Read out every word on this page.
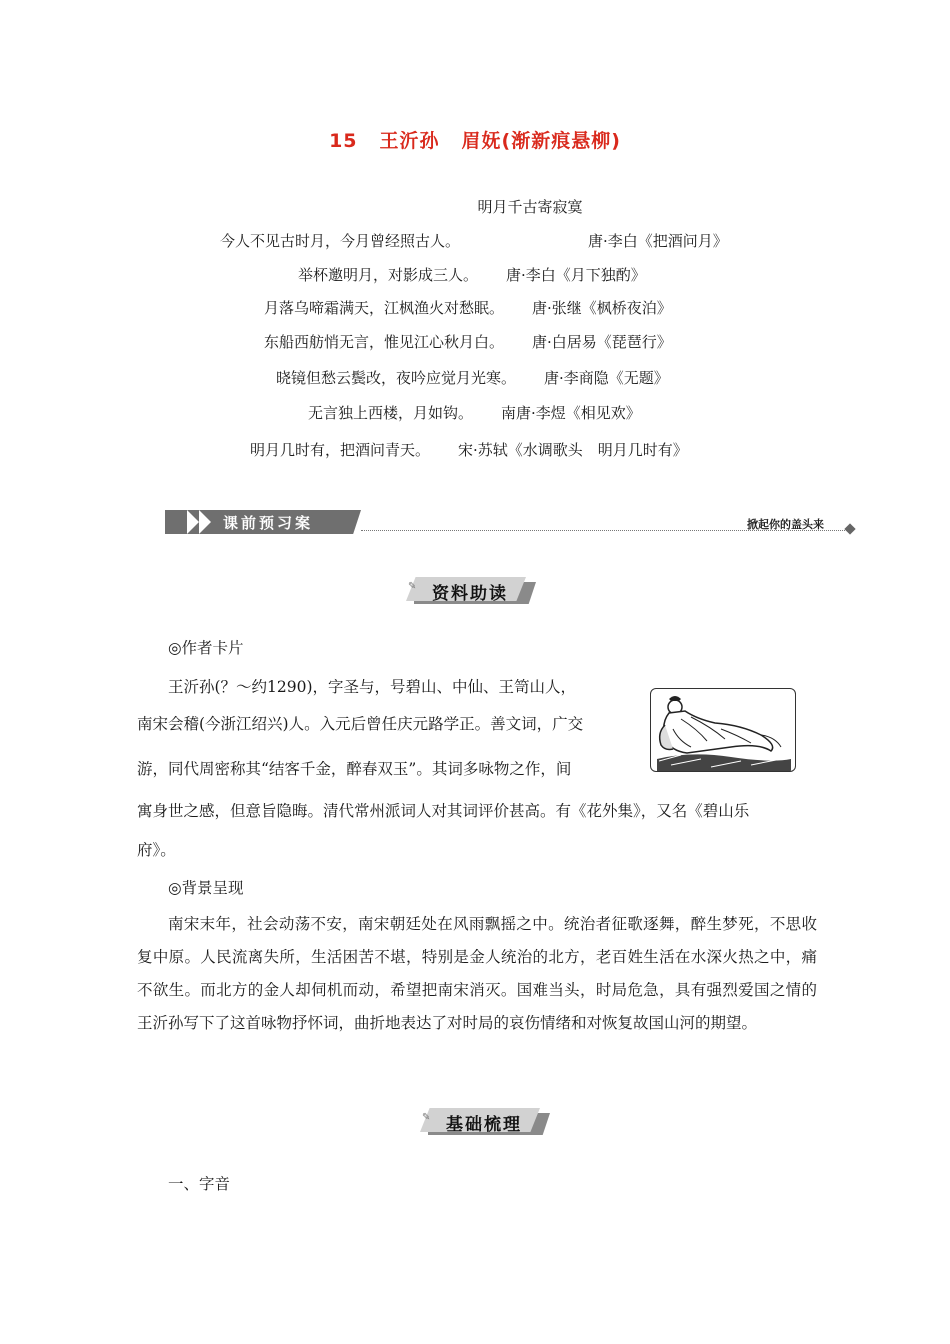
15 王沂孙 眉妩(渐新痕悬柳)
明月千古寄寂寞
今人不见古时月，今月曾经照古人。	唐·李白《把酒问月》
举杯邀明月，对影成三人。 唐·李白《月下独酌》
月落乌啼霜满天，江枫渔火对愁眠。 唐·张继《枫桥夜泊》
东船西舫悄无言，惟见江心秋月白。 唐·白居易《琵琶行》
晓镜但愁云鬓改，夜吟应觉月光寒。 唐·李商隐《无题》
无言独上西楼，月如钩。 南唐·李煜《相见欢》
明月几时有，把酒问青天。 宋·苏轼《水调歌头　明月几时有》
课前预习案	掀起你的盖头来
✎ 资料助读
◎作者卡片
王沂孙(？～约1290)，字圣与，号碧山、中仙、王笥山人，
南宋会稽(今浙江绍兴)人。入元后曾任庆元路学正。善文词，广交
游，同代周密称其“结客千金，醉春双玉”。其词多咏物之作，间
寓身世之感，但意旨隐晦。清代常州派词人对其词评价甚高。有《花外集》，又名《碧山乐
府》。
◎背景呈现

南宋末年，社会动荡不安，南宋朝廷处在风雨飘摇之中。统治者征歌逐舞，醉生梦死，不思收复中原。人民流离失所，生活困苦不堪，特别是金人统治的北方，老百姓生活在水深火热之中，痛不欲生。而北方的金人却伺机而动，希望把南宋消灭。国难当头，时局危急，具有强烈爱国之情的王沂孙写下了这首咏物抒怀词，曲折地表达了对时局的哀伤情绪和对恢复故国山河的期望。

✎ 基础梳理
一、字音
